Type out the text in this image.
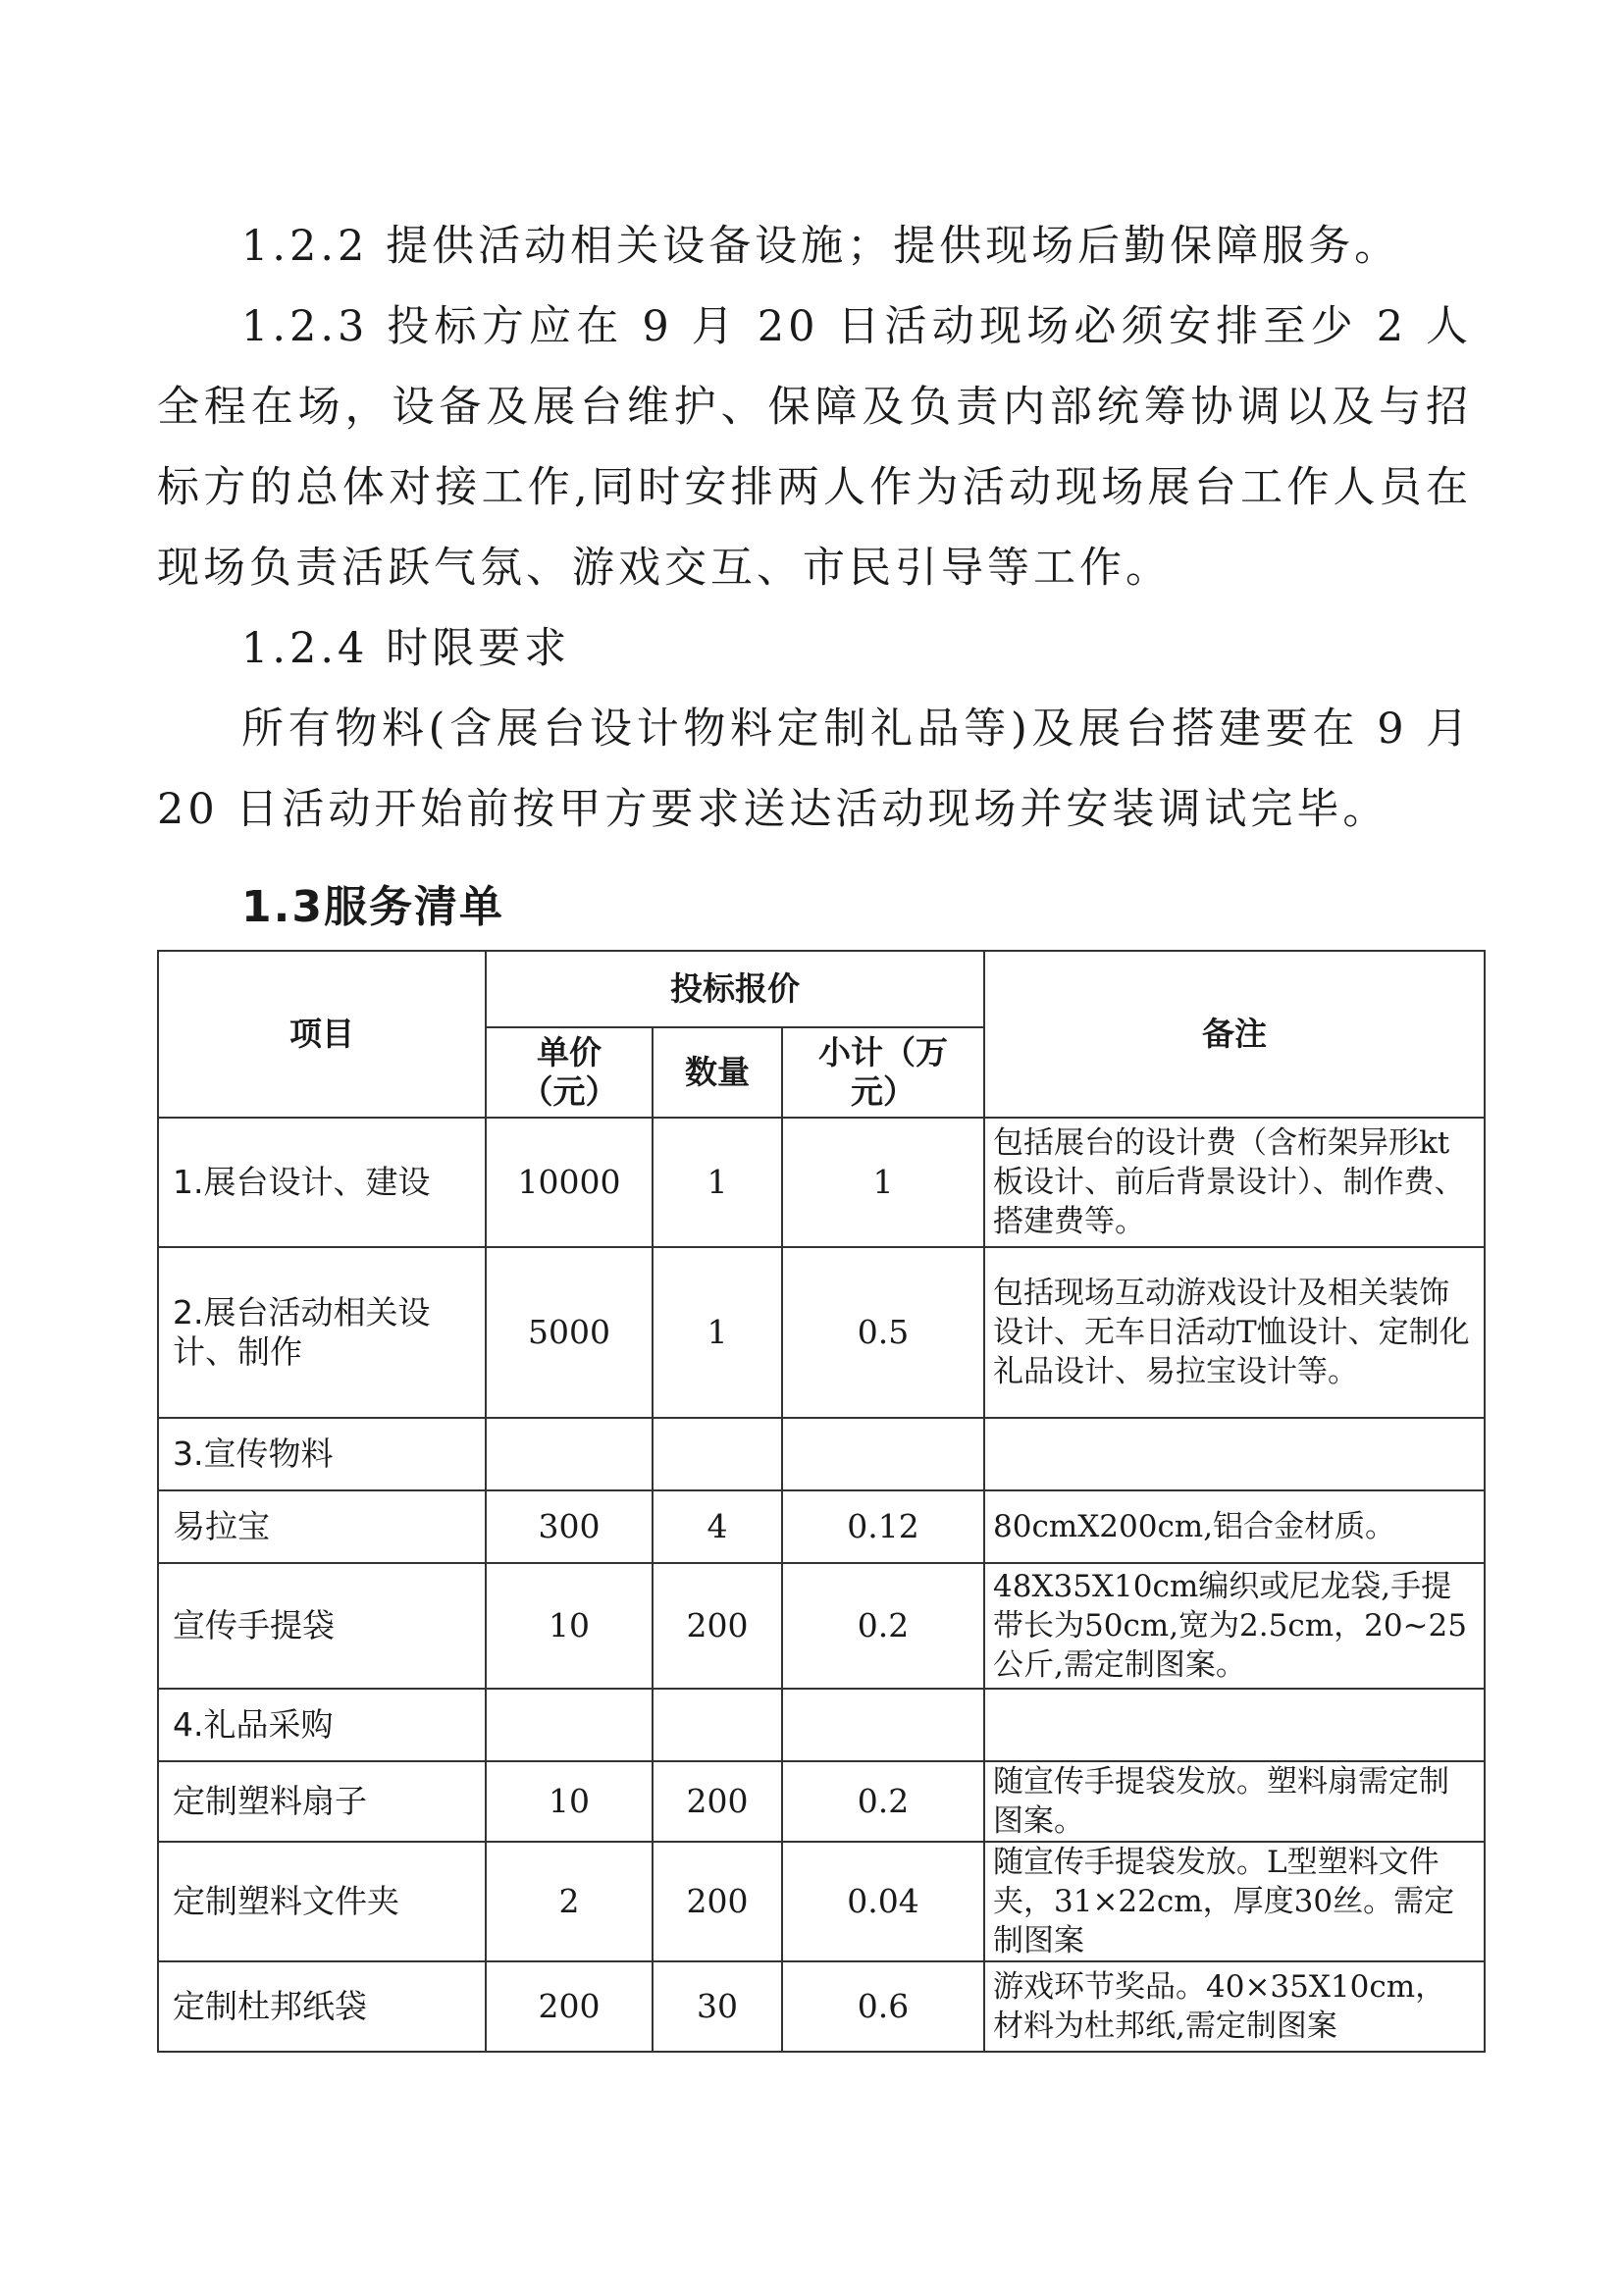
1.2.2 提供活动相关设备设施；提供现场后勤保障服务。

1.2.3 投标方应在 9 月 20 日活动现场必须安排至少 2 人全程在场，设备及展台维护、保障及负责内部统筹协调以及与招标方的总体对接工作,同时安排两人作为活动现场展台工作人员在现场负责活跃气氛、游戏交互、市民引导等工作。

1.2.4 时限要求

所有物料(含展台设计物料定制礼品等)及展台搭建要在 9 月 20 日活动开始前按甲方要求送达活动现场并安装调试完毕。

1.3服务清单
项目	投标报价			备注
	单价（元）	数量	小计（万元）	
1.展台设计、建设	10000	1	1	包括展台的设计费（含桁架异形kt板设计、前后背景设计）、制作费、搭建费等。
2.展台活动相关设计、制作	5000	1	0.5	包括现场互动游戏设计及相关装饰设计、无车日活动T恤设计、定制化礼品设计、易拉宝设计等。
3.宣传物料				
易拉宝	300	4	0.12	80cmX200cm,铝合金材质。
宣传手提袋	10	200	0.2	48X35X10cm编织或尼龙袋,手提带长为50cm,宽为2.5cm，20~25公斤,需定制图案。
4.礼品采购				
定制塑料扇子	10	200	0.2	随宣传手提袋发放。塑料扇需定制图案。
定制塑料文件夹	2	200	0.04	随宣传手提袋发放。L型塑料文件夹，31×22cm，厚度30丝。需定制图案
定制杜邦纸袋	200	30	0.6	游戏环节奖品。40×35X10cm，材料为杜邦纸,需定制图案
